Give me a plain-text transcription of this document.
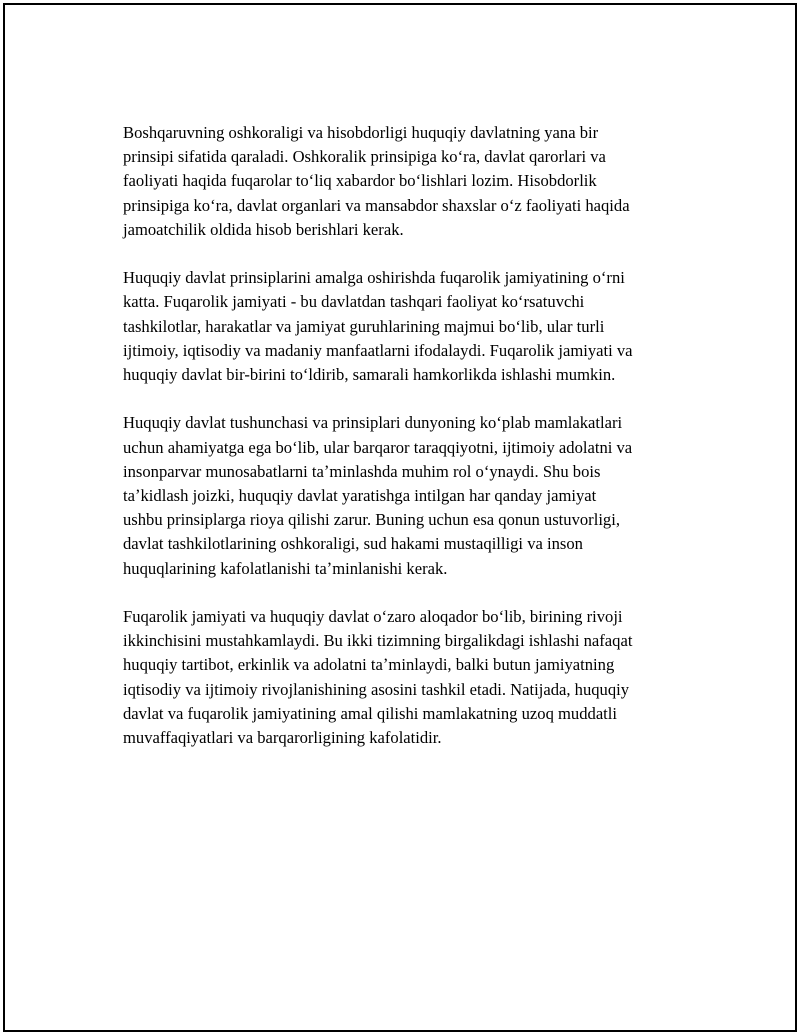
Boshqaruvning oshkoraligi va hisobdorligi huquqiy davlatning yana bir
prinsipi sifatida qaraladi. Oshkoralik prinsipiga koʻra, davlat qarorlari va
faoliyati haqida fuqarolar toʻliq xabardor boʻlishlari lozim. Hisobdorlik
prinsipiga koʻra, davlat organlari va mansabdor shaxslar oʻz faoliyati haqida
jamoatchilik oldida hisob berishlari kerak.
Huquqiy davlat prinsiplarini amalga oshirishda fuqarolik jamiyatining oʻrni
katta. Fuqarolik jamiyati - bu davlatdan tashqari faoliyat koʻrsatuvchi
tashkilotlar, harakatlar va jamiyat guruhlarining majmui boʻlib, ular turli
ijtimoiy, iqtisodiy va madaniy manfaatlarni ifodalaydi. Fuqarolik jamiyati va
huquqiy davlat bir-birini toʻldirib, samarali hamkorlikda ishlashi mumkin.
Huquqiy davlat tushunchasi va prinsiplari dunyoning koʻplab mamlakatlari
uchun ahamiyatga ega boʻlib, ular barqaror taraqqiyotni, ijtimoiy adolatni va
insonparvar munosabatlarni taʼminlashda muhim rol oʻynaydi. Shu bois
taʼkidlash joizki, huquqiy davlat yaratishga intilgan har qanday jamiyat
ushbu prinsiplarga rioya qilishi zarur. Buning uchun esa qonun ustuvorligi,
davlat tashkilotlarining oshkoraligi, sud hakami mustaqilligi va inson
huquqlarining kafolatlanishi taʼminlanishi kerak.
Fuqarolik jamiyati va huquqiy davlat oʻzaro aloqador boʻlib, birining rivoji
ikkinchisini mustahkamlaydi. Bu ikki tizimning birgalikdagi ishlashi nafaqat
huquqiy tartibot, erkinlik va adolatni taʼminlaydi, balki butun jamiyatning
iqtisodiy va ijtimoiy rivojlanishining asosini tashkil etadi. Natijada, huquqiy
davlat va fuqarolik jamiyatining amal qilishi mamlakatning uzoq muddatli
muvaffaqiyatlari va barqarorligining kafolatidir.
